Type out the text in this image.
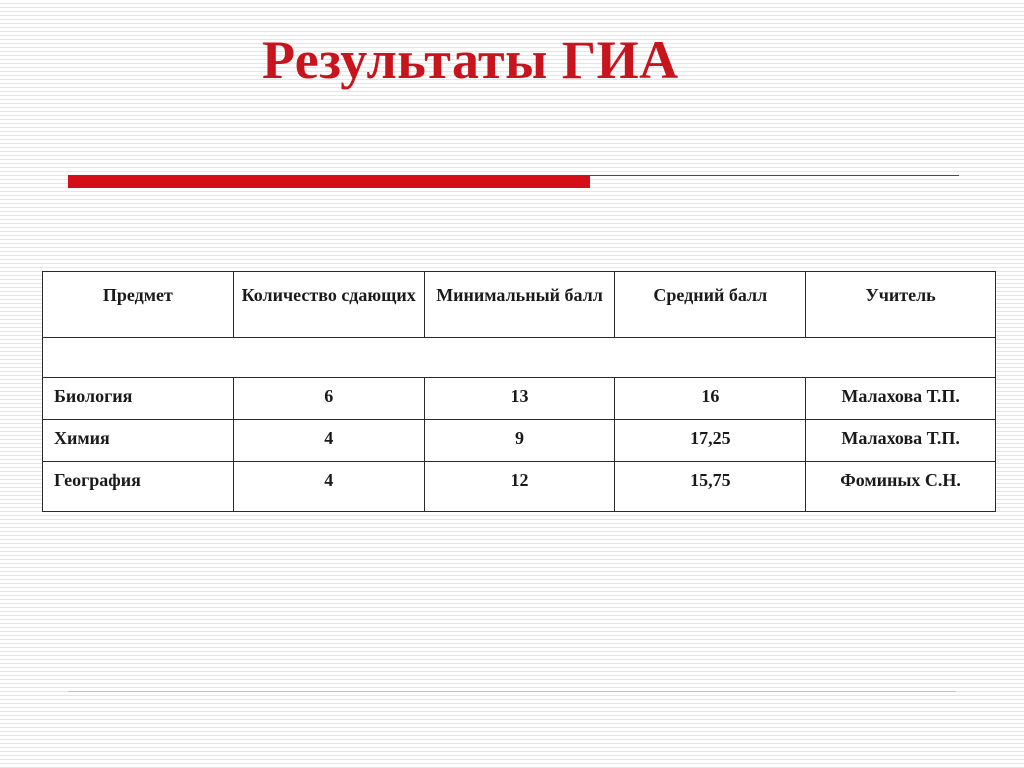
Результаты ГИА
Предмет	Количество сдающих	Минимальный балл	Средний балл	Учитель

Биология	6	13	16	Малахова Т.П.
Химия	4	9	17,25	Малахова Т.П.
География	4	12	15,75	Фоминых С.Н.
